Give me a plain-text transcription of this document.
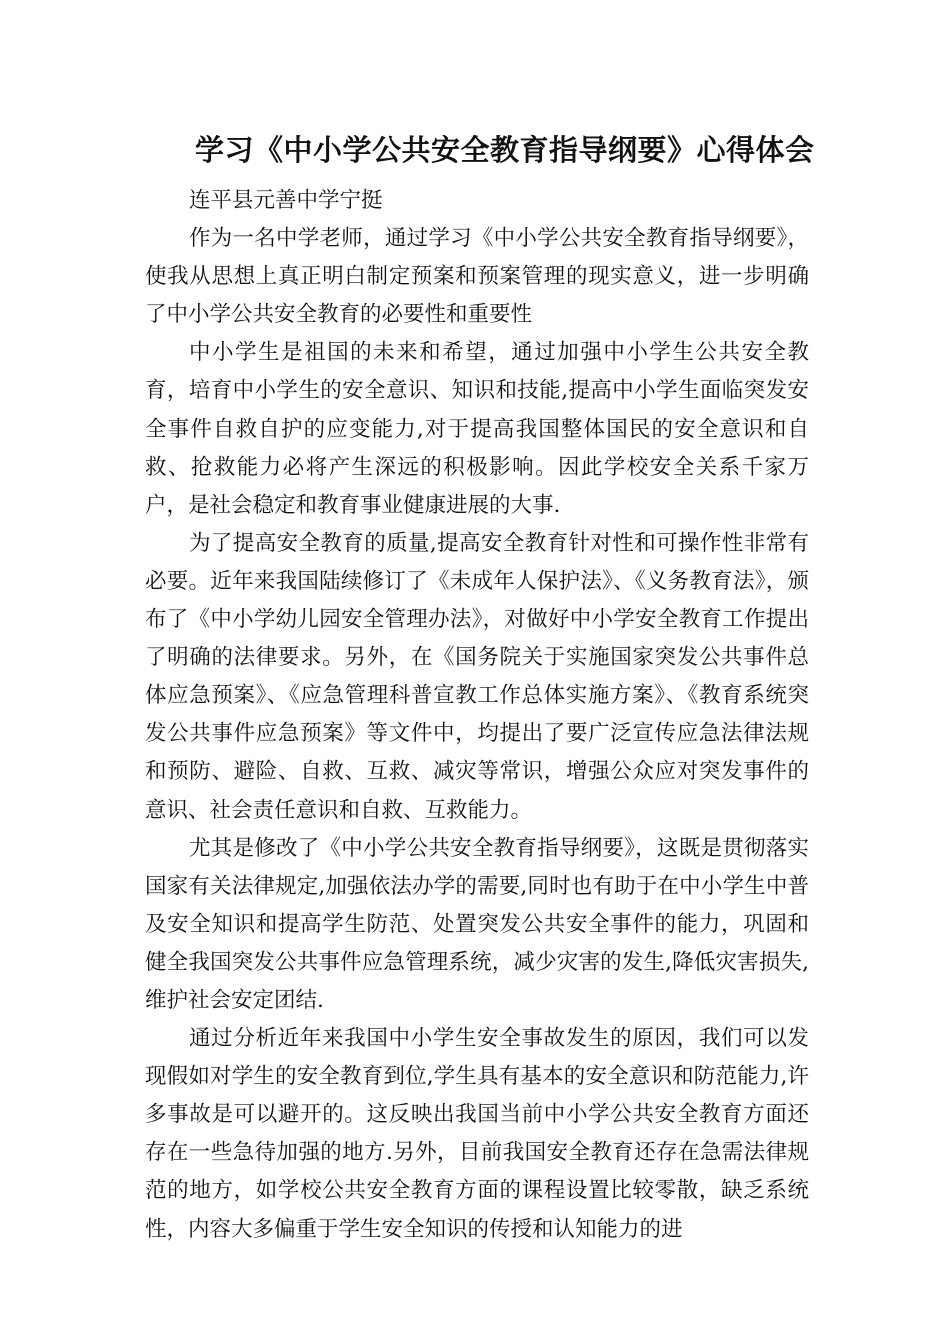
学习《中小学公共安全教育指导纲要》心得体会

连平县元善中学宁挺

作为一名中学老师，通过学习《中小学公共安全教育指导纲要》，使我从思想上真正明白制定预案和预案管理的现实意义，进一步明确了中小学公共安全教育的必要性和重要性

中小学生是祖国的未来和希望，通过加强中小学生公共安全教育，培育中小学生的安全意识、知识和技能,提高中小学生面临突发安全事件自救自护的应变能力,对于提高我国整体国民的安全意识和自救、抢救能力必将产生深远的积极影响。因此学校安全关系千家万户，是社会稳定和教育事业健康进展的大事.

为了提高安全教育的质量,提高安全教育针对性和可操作性非常有必要。近年来我国陆续修订了《未成年人保护法》、《义务教育法》，颁布了《中小学幼儿园安全管理办法》，对做好中小学安全教育工作提出了明确的法律要求。另外，在《国务院关于实施国家突发公共事件总体应急预案》、《应急管理科普宣教工作总体实施方案》、《教育系统突发公共事件应急预案》等文件中，均提出了要广泛宣传应急法律法规和预防、避险、自救、互救、减灾等常识，增强公众应对突发事件的意识、社会责任意识和自救、互救能力。

尤其是修改了《中小学公共安全教育指导纲要》，这既是贯彻落实国家有关法律规定,加强依法办学的需要,同时也有助于在中小学生中普及安全知识和提高学生防范、处置突发公共安全事件的能力，巩固和健全我国突发公共事件应急管理系统，减少灾害的发生,降低灾害损失,维护社会安定团结.

通过分析近年来我国中小学生安全事故发生的原因，我们可以发现假如对学生的安全教育到位,学生具有基本的安全意识和防范能力,许多事故是可以避开的。这反映出我国当前中小学公共安全教育方面还存在一些急待加强的地方.另外，目前我国安全教育还存在急需法律规范的地方，如学校公共安全教育方面的课程设置比较零散，缺乏系统性，内容大多偏重于学生安全知识的传授和认知能力的进
